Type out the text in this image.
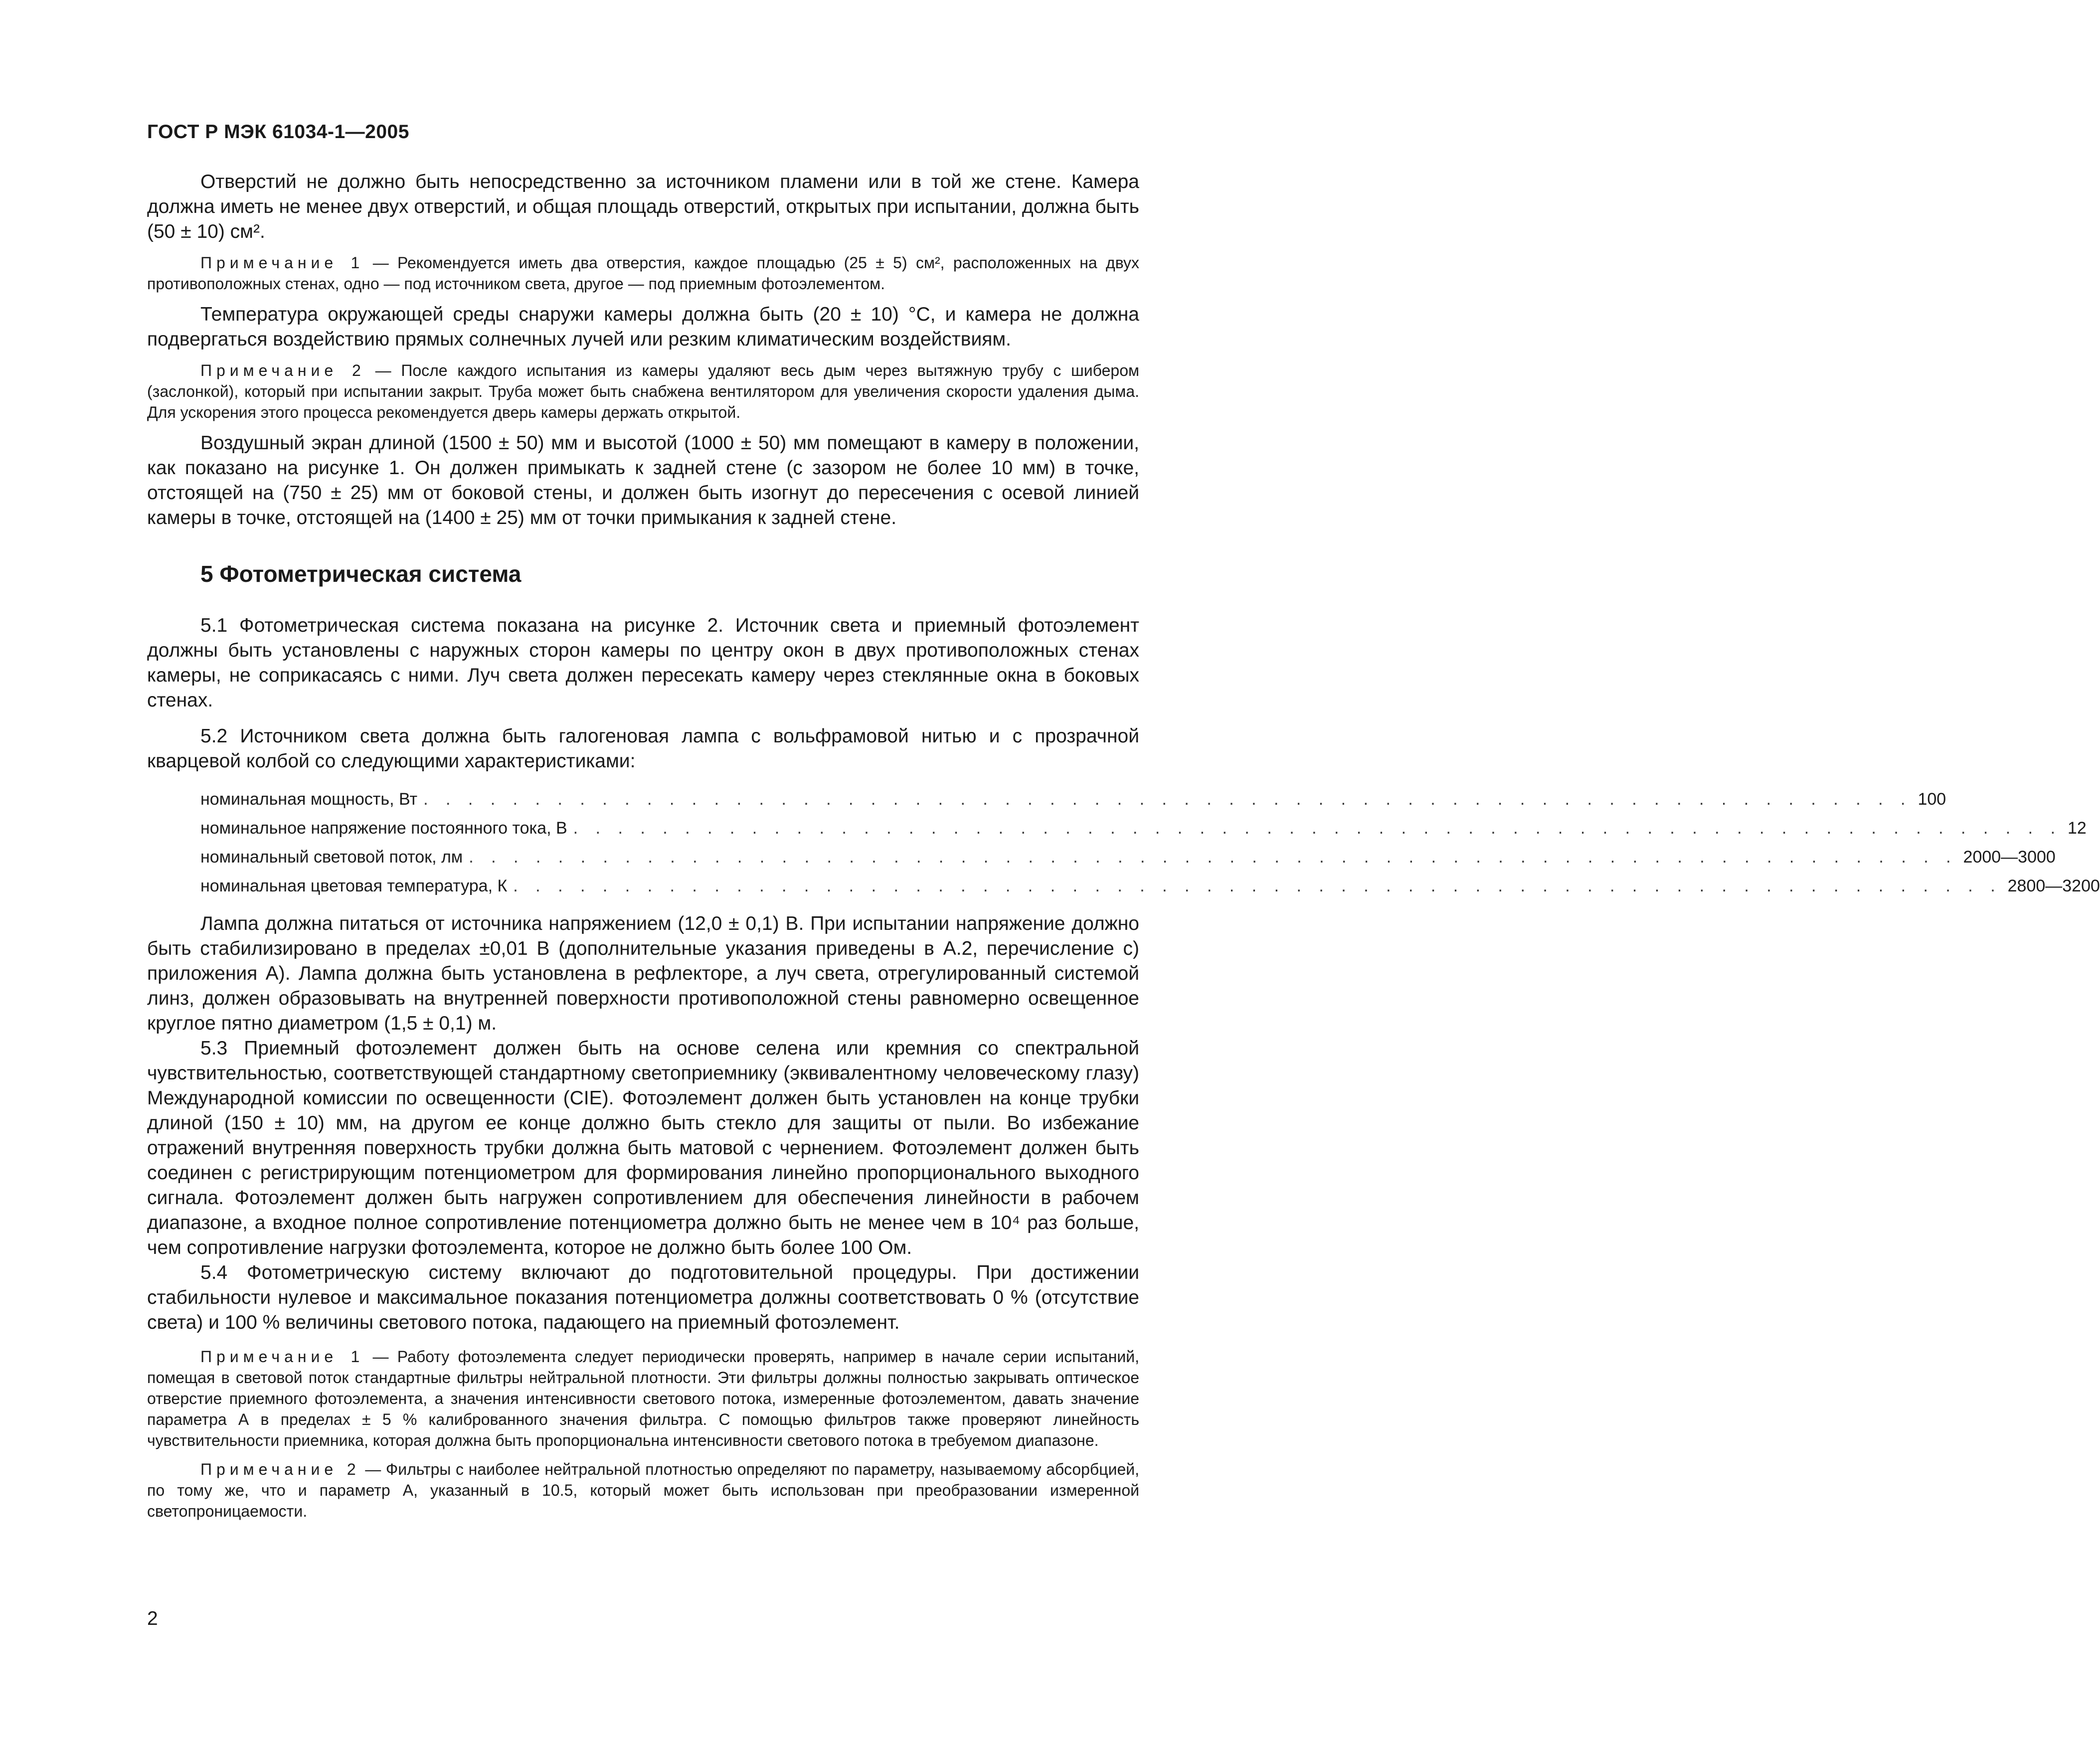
ГОСТ Р МЭК 61034-1—2005

Отверстий не должно быть непосредственно за источником пламени или в той же стене. Камера должна иметь не менее двух отверстий, и общая площадь отверстий, открытых при испытании, должна быть (50 ± 10) см².

Примечание 1 — Рекомендуется иметь два отверстия, каждое площадью (25 ± 5) см², расположенных на двух противоположных стенах, одно — под источником света, другое — под приемным фотоэлементом.

Температура окружающей среды снаружи камеры должна быть (20 ± 10) °С, и камера не должна подвергаться воздействию прямых солнечных лучей или резким климатическим воздействиям.

Примечание 2 — После каждого испытания из камеры удаляют весь дым через вытяжную трубу с шибером (заслонкой), который при испытании закрыт. Труба может быть снабжена вентилятором для увеличения скорости удаления дыма. Для ускорения этого процесса рекомендуется дверь камеры держать открытой.

Воздушный экран длиной (1500 ± 50) мм и высотой (1000 ± 50) мм помещают в камеру в положении, как показано на рисунке 1. Он должен примыкать к задней стене (с зазором не более 10 мм) в точке, отстоящей на (750 ± 25) мм от боковой стены, и должен быть изогнут до пересечения с осевой линией камеры в точке, отстоящей на (1400 ± 25) мм от точки примыкания к задней стене.

5 Фотометрическая система

5.1 Фотометрическая система показана на рисунке 2. Источник света и приемный фотоэлемент должны быть установлены с наружных сторон камеры по центру окон в двух противоположных стенах камеры, не соприкасаясь с ними. Луч света должен пересекать камеру через стеклянные окна в боковых стенах.

5.2 Источником света должна быть галогеновая лампа с вольфрамовой нитью и с прозрачной кварцевой колбой со следующими характеристиками:

номинальная мощность, Вт . . . . . . . . . . . . . . . . . . . . . . . . . . . . . . . . . . . . . . . . . . . . . . . . . . . . . . . . . . . . . . . . . . . 100
номинальное напряжение постоянного тока, В . . . . . . . . . . . . . . . . . . . . . . . . . . . . . . . . . . . . . . . . . . . . . . . . . . . . . . . . . . . . . . . . . . . 12
номинальный световой поток, лм . . . . . . . . . . . . . . . . . . . . . . . . . . . . . . . . . . . . . . . . . . . . . . . . . . . . . . . . . . . . . . . . . . . 2000—3000
номинальная цветовая температура, К . . . . . . . . . . . . . . . . . . . . . . . . . . . . . . . . . . . . . . . . . . . . . . . . . . . . . . . . . . . . . . . . . . . 2800—3200

Лампа должна питаться от источника напряжением (12,0 ± 0,1) В. При испытании напряжение должно быть стабилизировано в пределах ±0,01 В (дополнительные указания приведены в А.2, перечисление с) приложения А). Лампа должна быть установлена в рефлекторе, а луч света, отрегулированный системой линз, должен образовывать на внутренней поверхности противоположной стены равномерно освещенное круглое пятно диаметром (1,5 ± 0,1) м.

5.3 Приемный фотоэлемент должен быть на основе селена или кремния со спектральной чувствительностью, соответствующей стандартному светоприемнику (эквивалентному человеческому глазу) Международной комиссии по освещенности (CIE). Фотоэлемент должен быть установлен на конце трубки длиной (150 ± 10) мм, на другом ее конце должно быть стекло для защиты от пыли. Во избежание отражений внутренняя поверхность трубки должна быть матовой с чернением. Фотоэлемент должен быть соединен с регистрирующим потенциометром для формирования линейно пропорционального выходного сигнала. Фотоэлемент должен быть нагружен сопротивлением для обеспечения линейности в рабочем диапазоне, а входное полное сопротивление потенциометра должно быть не менее чем в 10⁴ раз больше, чем сопротивление нагрузки фотоэлемента, которое не должно быть более 100 Ом.

5.4 Фотометрическую систему включают до подготовительной процедуры. При достижении стабильности нулевое и максимальное показания потенциометра должны соответствовать 0 % (отсутствие света) и 100 % величины светового потока, падающего на приемный фотоэлемент.

Примечание 1 — Работу фотоэлемента следует периодически проверять, например в начале серии испытаний, помещая в световой поток стандартные фильтры нейтральной плотности. Эти фильтры должны полностью закрывать оптическое отверстие приемного фотоэлемента, а значения интенсивности светового потока, измеренные фотоэлементом, давать значение параметра А в пределах ± 5 % калиброванного значения фильтра. С помощью фильтров также проверяют линейность чувствительности приемника, которая должна быть пропорциональна интенсивности светового потока в требуемом диапазоне.

Примечание 2 — Фильтры с наиболее нейтральной плотностью определяют по параметру, называемому абсорбцией, по тому же, что и параметр А, указанный в 10.5, который может быть использован при преобразовании измеренной светопроницаемости.

2
